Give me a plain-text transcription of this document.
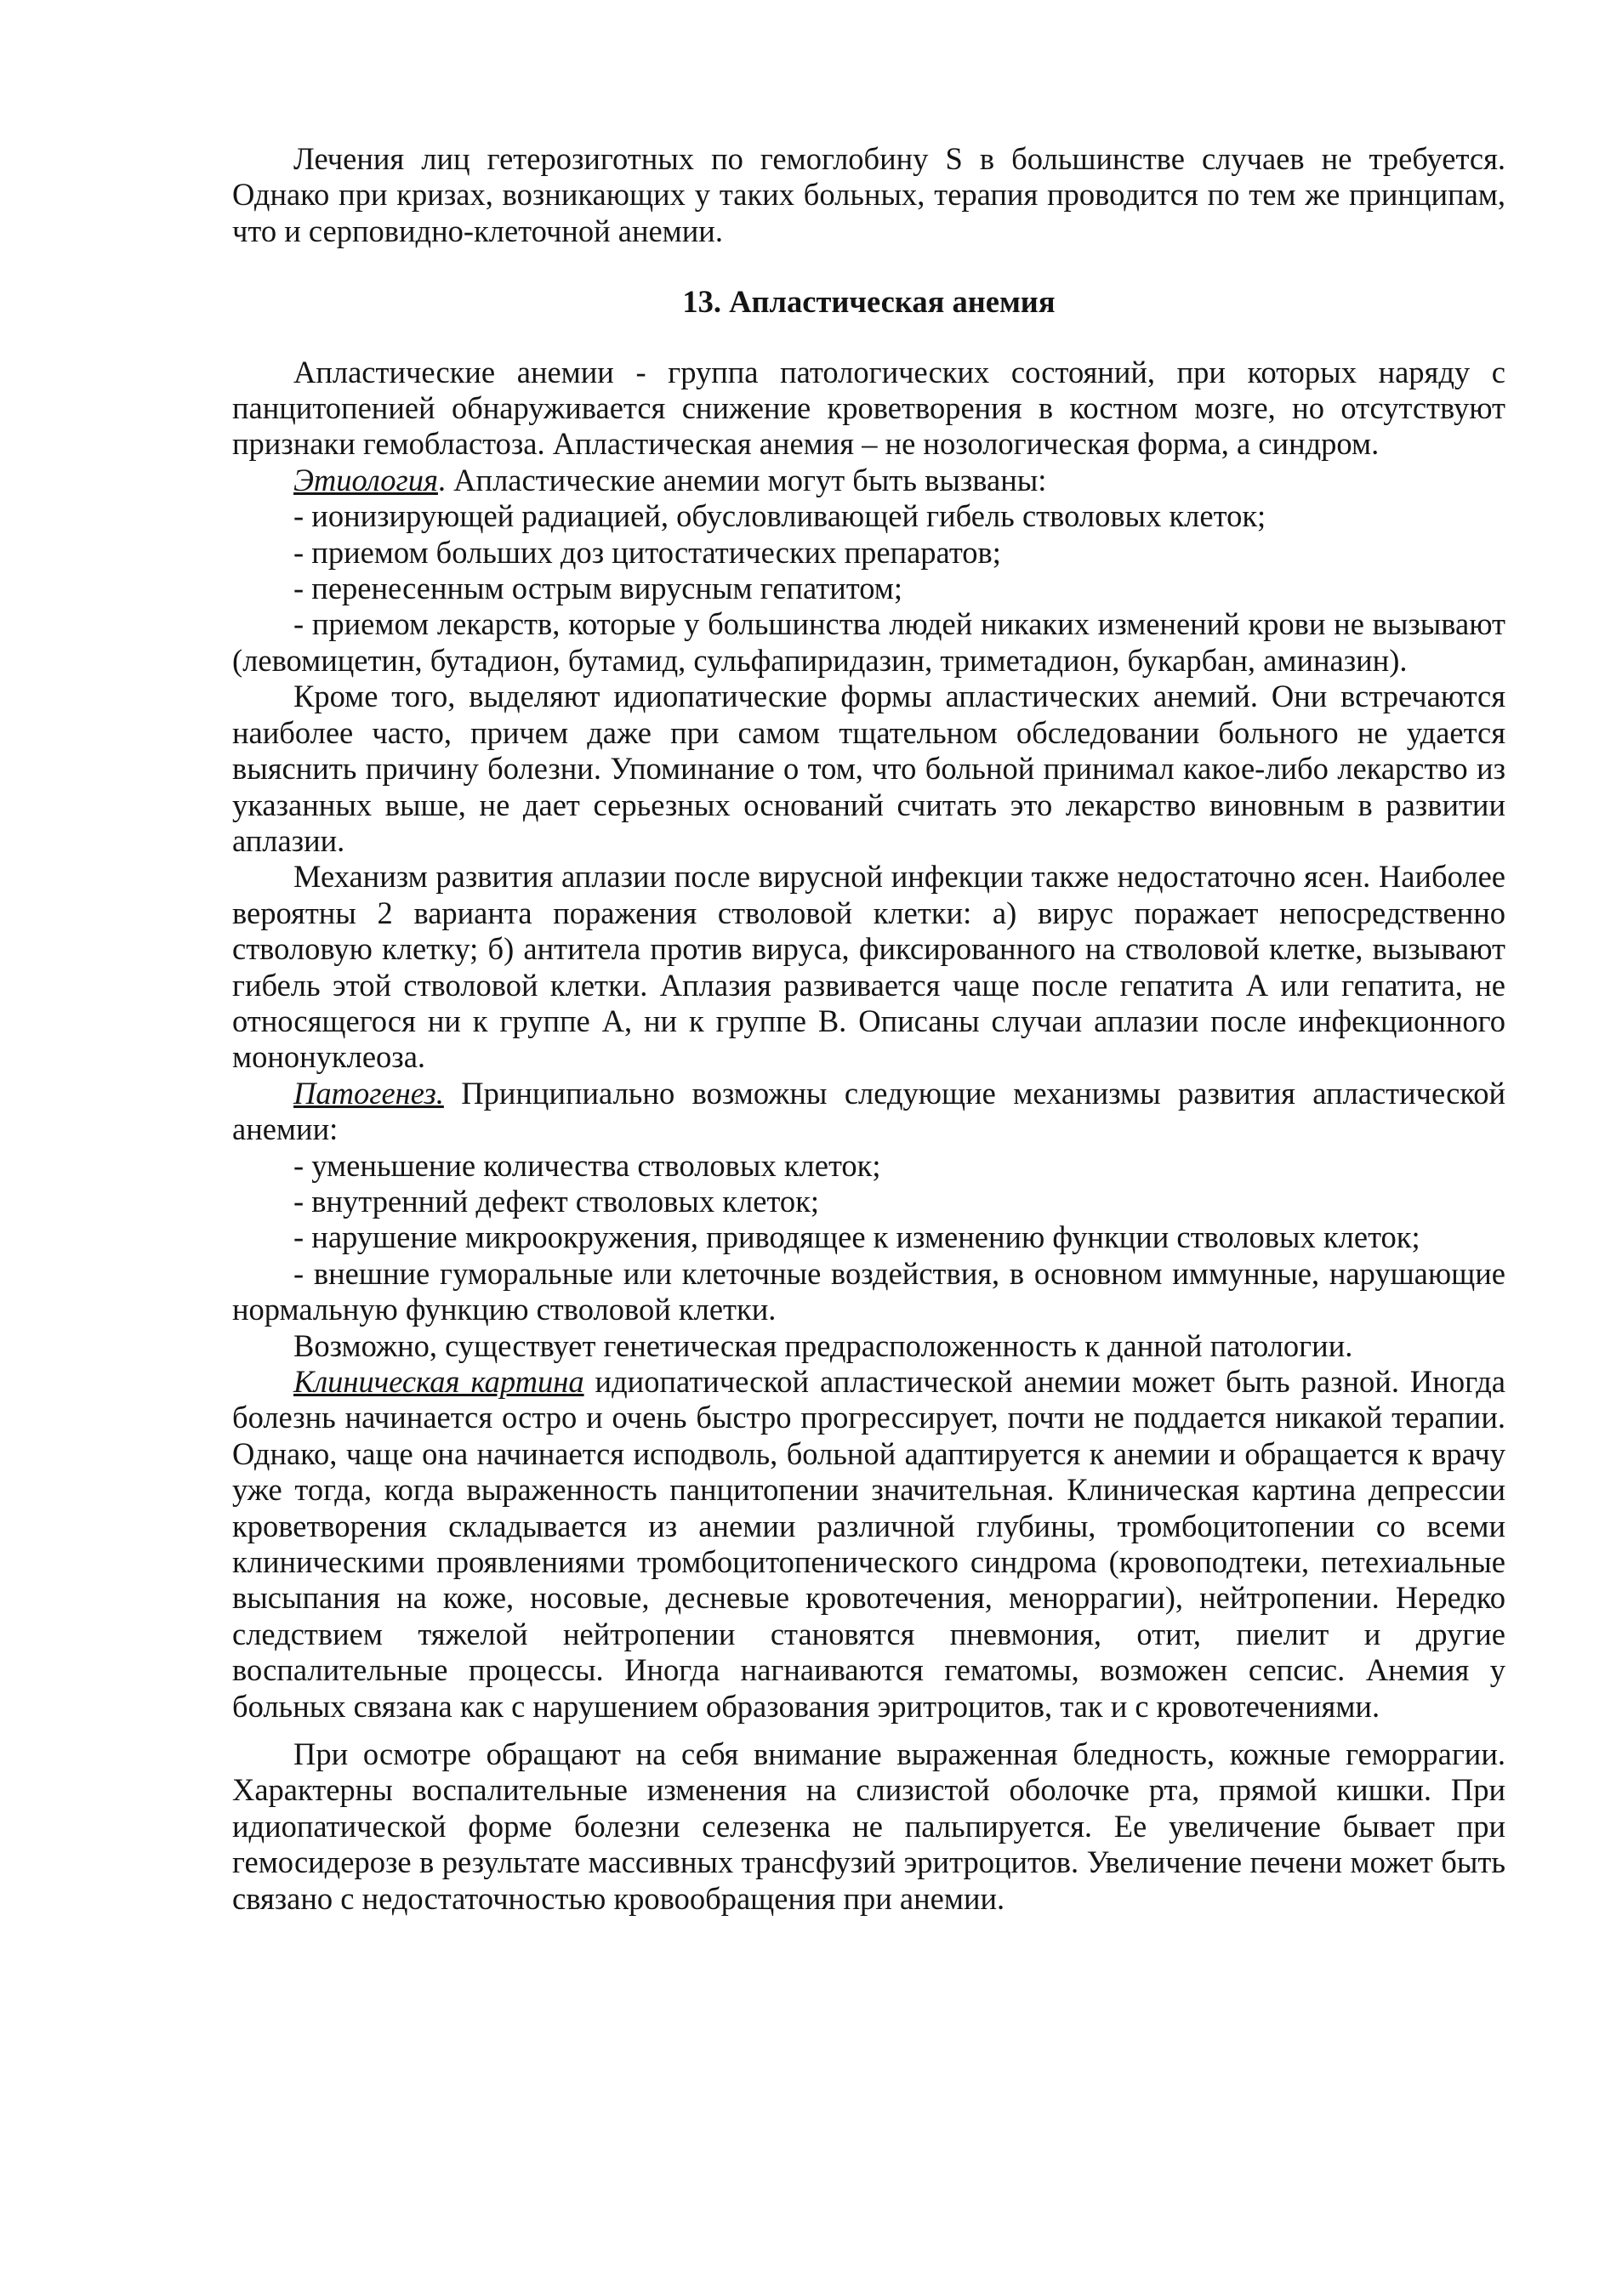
Лечения лиц гетерозиготных по гемоглобину S в большинстве случаев не требуется. Однако при кризах, возникающих у таких больных, терапия проводится по тем же принципам, что и серповидно-клеточной анемии.

13. Апластическая анемия

Апластические анемии - группа патологических состояний, при которых наряду с панцитопенией обнаруживается снижение кроветворения в костном мозге, но отсутствуют признаки гемобластоза. Апластическая анемия – не нозологическая форма, а синдром.

Этиология. Апластические анемии могут быть вызваны:

- ионизирующей радиацией, обусловливающей гибель стволовых клеток;

- приемом больших доз цитостатических препаратов;

- перенесенным острым вирусным гепатитом;

- приемом лекарств, которые у большинства людей никаких изменений крови не вызывают (левомицетин, бутадион, бутамид, сульфапиридазин, триметадион, букарбан, аминазин).

Кроме того, выделяют идиопатические формы апластических анемий. Они встречаются наиболее часто, причем даже при самом тщательном обследовании больного не удается выяснить причину болезни. Упоминание о том, что больной принимал какое-либо лекарство из указанных выше, не дает серьезных оснований считать это лекарство виновным в развитии аплазии.

Механизм развития аплазии после вирусной инфекции также недостаточно ясен. Наиболее вероятны 2 варианта поражения стволовой клетки: а) вирус поражает непосредственно стволовую клетку; б) антитела против вируса, фиксированного на стволовой клетке, вызывают гибель этой стволовой клетки. Аплазия развивается чаще после гепатита А или гепатита, не относящегося ни к группе А, ни к группе В. Описаны случаи аплазии после инфекционного мононуклеоза.

Патогенез. Принципиально возможны следующие механизмы развития апластической анемии:

- уменьшение количества стволовых клеток;

- внутренний дефект стволовых клеток;

- нарушение микроокружения, приводящее к изменению функции стволовых клеток;

- внешние гуморальные или клеточные воздействия, в основном иммунные, нарушающие нормальную функцию стволовой клетки.

Возможно, существует генетическая предрасположенность к данной патологии.

Клиническая картина идиопатической апластической анемии может быть разной. Иногда болезнь начинается остро и очень быстро прогрессирует, почти не поддается никакой терапии. Однако, чаще она начинается исподволь, больной адаптируется к анемии и обращается к врачу уже тогда, когда выраженность панцитопении значительная. Клиническая картина депрессии кроветворения складывается из анемии различной глубины, тромбоцитопении со всеми клиническими проявлениями тромбоцитопенического синдрома (кровоподтеки, петехиальные высыпания на коже, носовые, десневые кровотечения, меноррагии), нейтропении. Нередко следствием тяжелой нейтропении становятся пневмония, отит, пиелит и другие воспалительные процессы. Иногда нагнаиваются гематомы, возможен сепсис. Анемия у больных связана как с нарушением образования эритроцитов, так и с кровотечениями.

При осмотре обращают на себя внимание выраженная бледность, кожные геморрагии. Характерны воспалительные изменения на слизистой оболочке рта, прямой кишки. При идиопатической форме болезни селезенка не пальпируется. Ее увеличение бывает при гемосидерозе в результате массивных трансфузий эритроцитов. Увеличение печени может быть связано с недостаточностью кровообращения при анемии.
